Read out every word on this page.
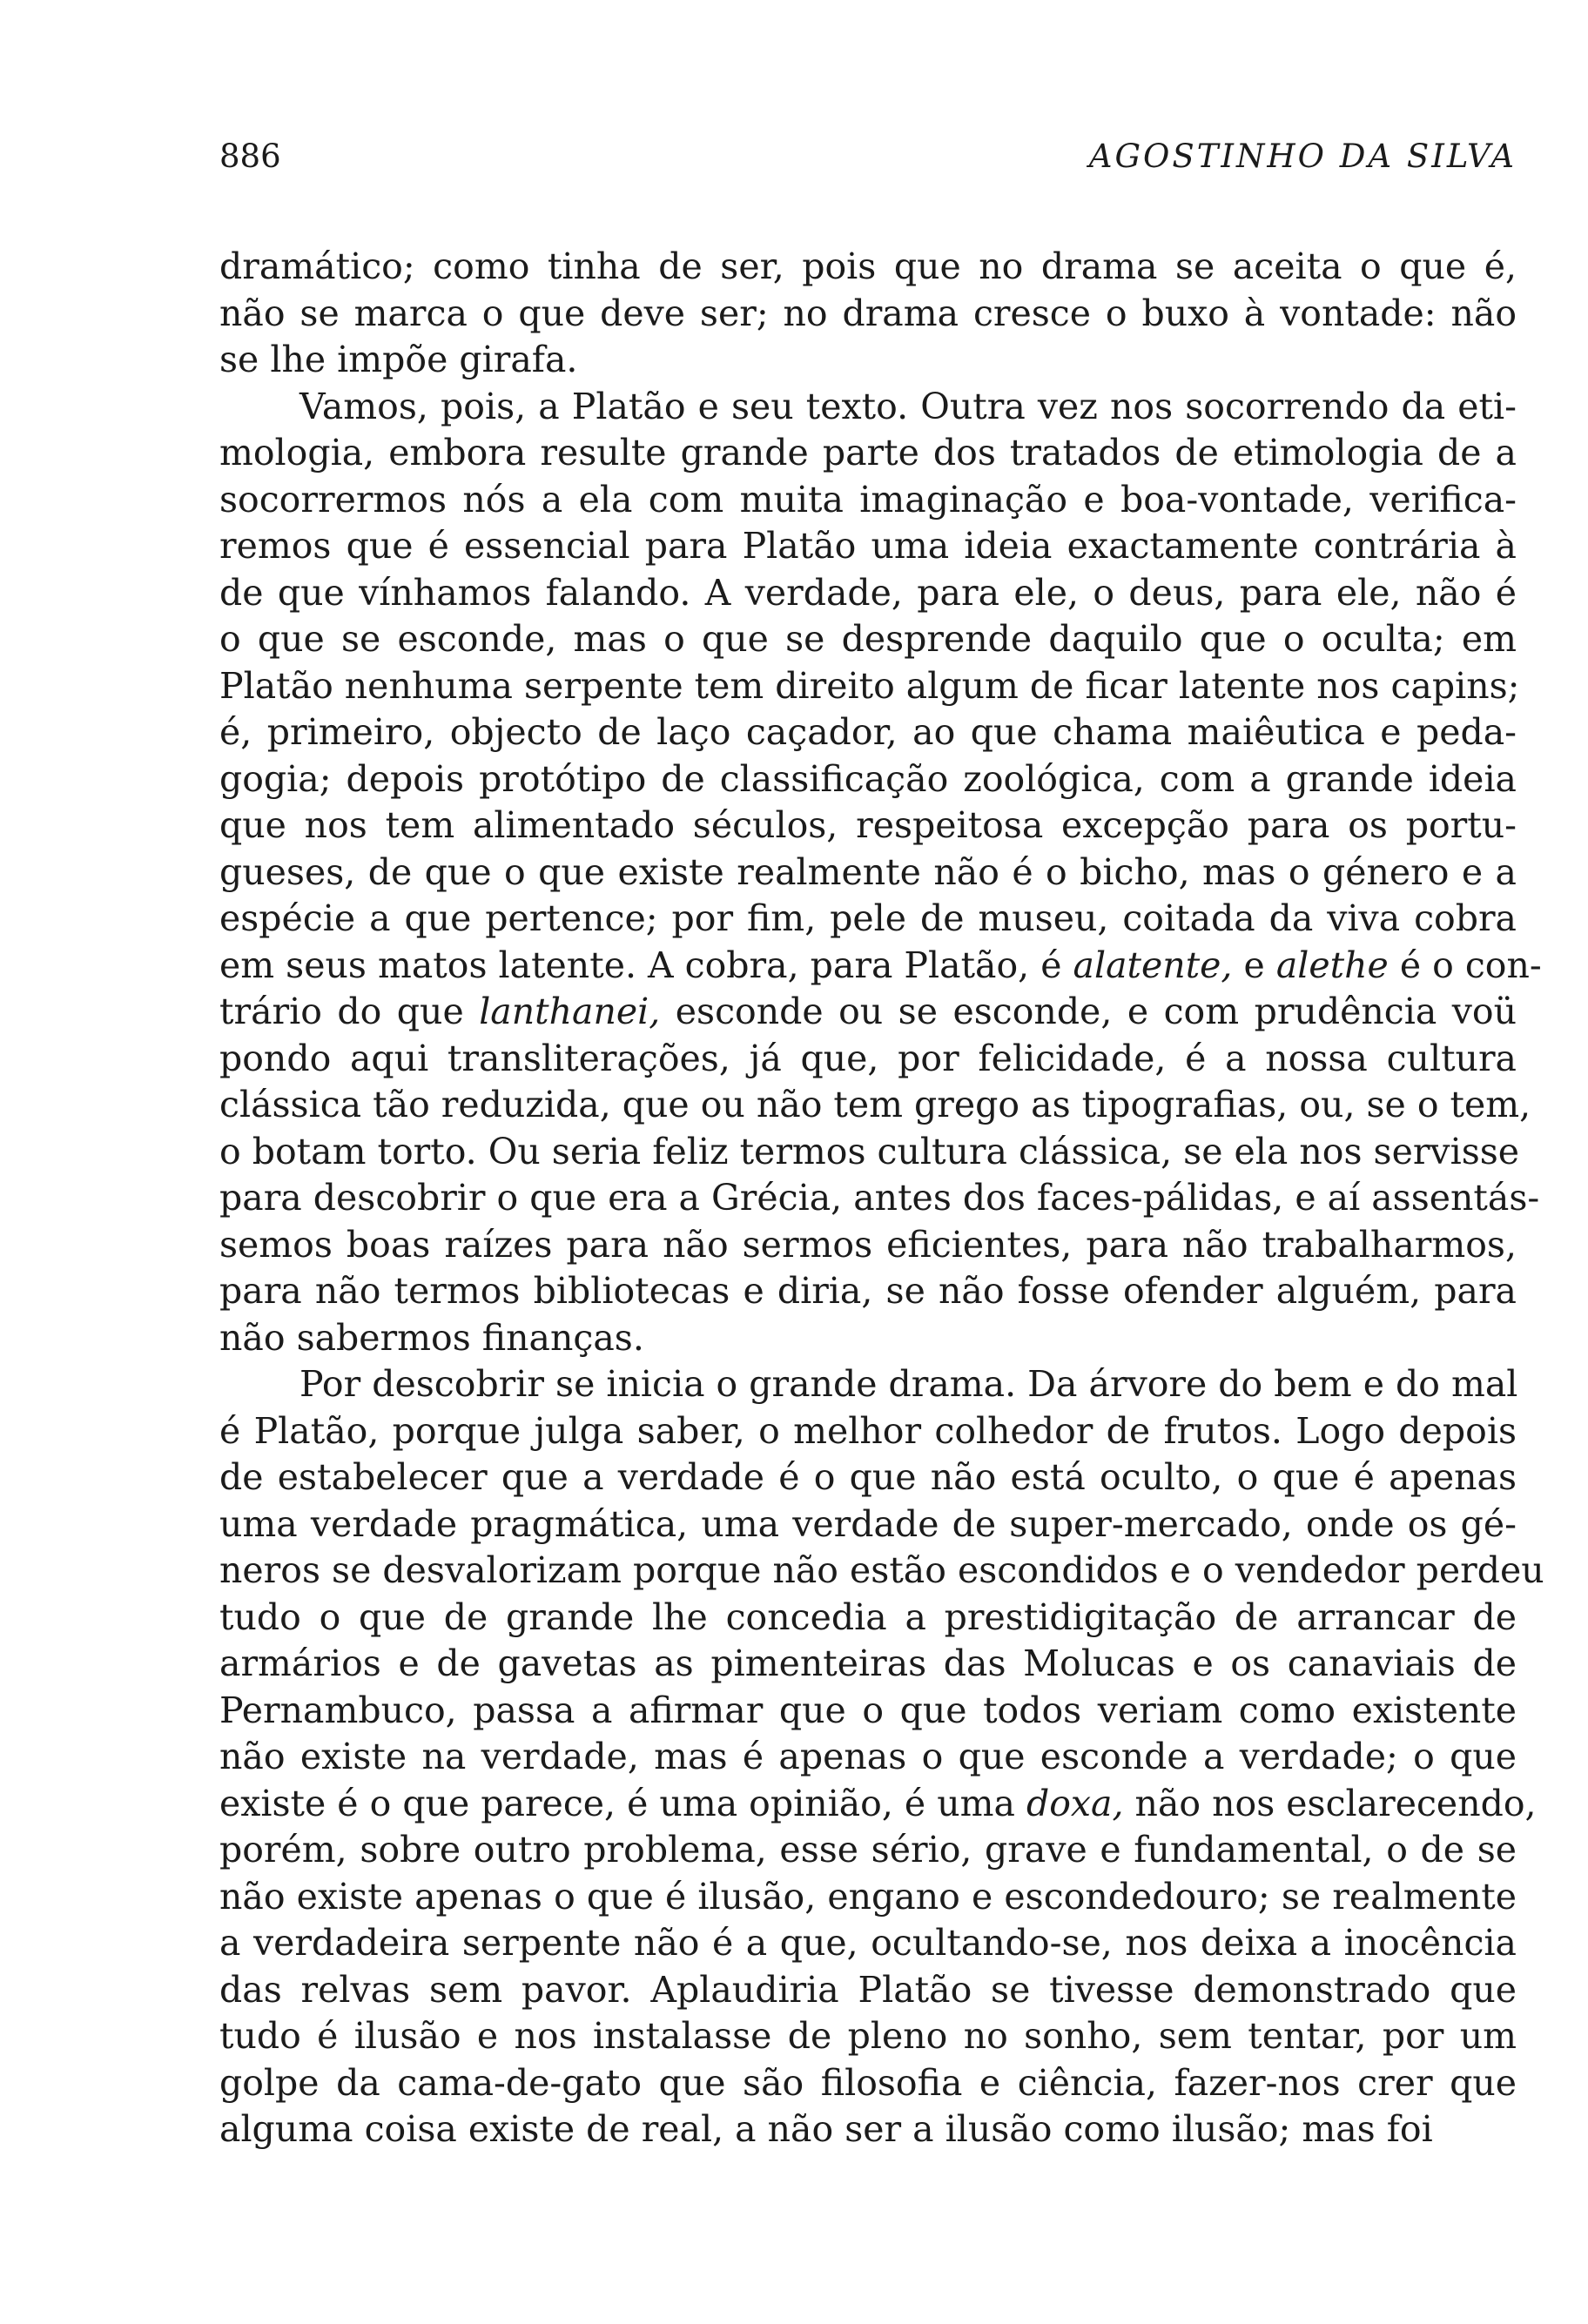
886	AGOSTINHO DA SILVA
dramático; como tinha de ser, pois que no drama se aceita o que é,
não se marca o que deve ser; no drama cresce o buxo à vontade: não
se lhe impõe girafa.
Vamos, pois, a Platão e seu texto. Outra vez nos socorrendo da eti-
mologia, embora resulte grande parte dos tratados de etimologia de a
socorrermos nós a ela com muita imaginação e boa-vontade, verifica-
remos que é essencial para Platão uma ideia exactamente contrária à
de que vínhamos falando. A verdade, para ele, o deus, para ele, não é
o que se esconde, mas o que se desprende daquilo que o oculta; em
Platão nenhuma serpente tem direito algum de ficar latente nos capins;
é, primeiro, objecto de laço caçador, ao que chama maiêutica e peda-
gogia; depois protótipo de classificação zoológica, com a grande ideia
que nos tem alimentado séculos, respeitosa excepção para os portu-
gueses, de que o que existe realmente não é o bicho, mas o género e a
espécie a que pertence; por fim, pele de museu, coitada da viva cobra
em seus matos latente. A cobra, para Platão, é alatente, e alethe é o con-
trário do que lanthanei, esconde ou se esconde, e com prudência voü
pondo aqui transliterações, já que, por felicidade, é a nossa cultura
clássica tão reduzida, que ou não tem grego as tipografias, ou, se o tem,
o botam torto. Ou seria feliz termos cultura clássica, se ela nos servisse
para descobrir o que era a Grécia, antes dos faces-pálidas, e aí assentás-
semos boas raízes para não sermos eficientes, para não trabalharmos,
para não termos bibliotecas e diria, se não fosse ofender alguém, para
não sabermos finanças.
Por descobrir se inicia o grande drama. Da árvore do bem e do mal
é Platão, porque julga saber, o melhor colhedor de frutos. Logo depois
de estabelecer que a verdade é o que não está oculto, o que é apenas
uma verdade pragmática, uma verdade de super-mercado, onde os gé-
neros se desvalorizam porque não estão escondidos e o vendedor perdeu
tudo o que de grande lhe concedia a prestidigitação de arrancar de
armários e de gavetas as pimenteiras das Molucas e os canaviais de
Pernambuco, passa a afirmar que o que todos veriam como existente
não existe na verdade, mas é apenas o que esconde a verdade; o que
existe é o que parece, é uma opinião, é uma doxa, não nos esclarecendo,
porém, sobre outro problema, esse sério, grave e fundamental, o de se
não existe apenas o que é ilusão, engano e escondedouro; se realmente
a verdadeira serpente não é a que, ocultando-se, nos deixa a inocência
das relvas sem pavor. Aplaudiria Platão se tivesse demonstrado que
tudo é ilusão e nos instalasse de pleno no sonho, sem tentar, por um
golpe da cama-de-gato que são filosofia e ciência, fazer-nos crer que
alguma coisa existe de real, a não ser a ilusão como ilusão; mas foi
